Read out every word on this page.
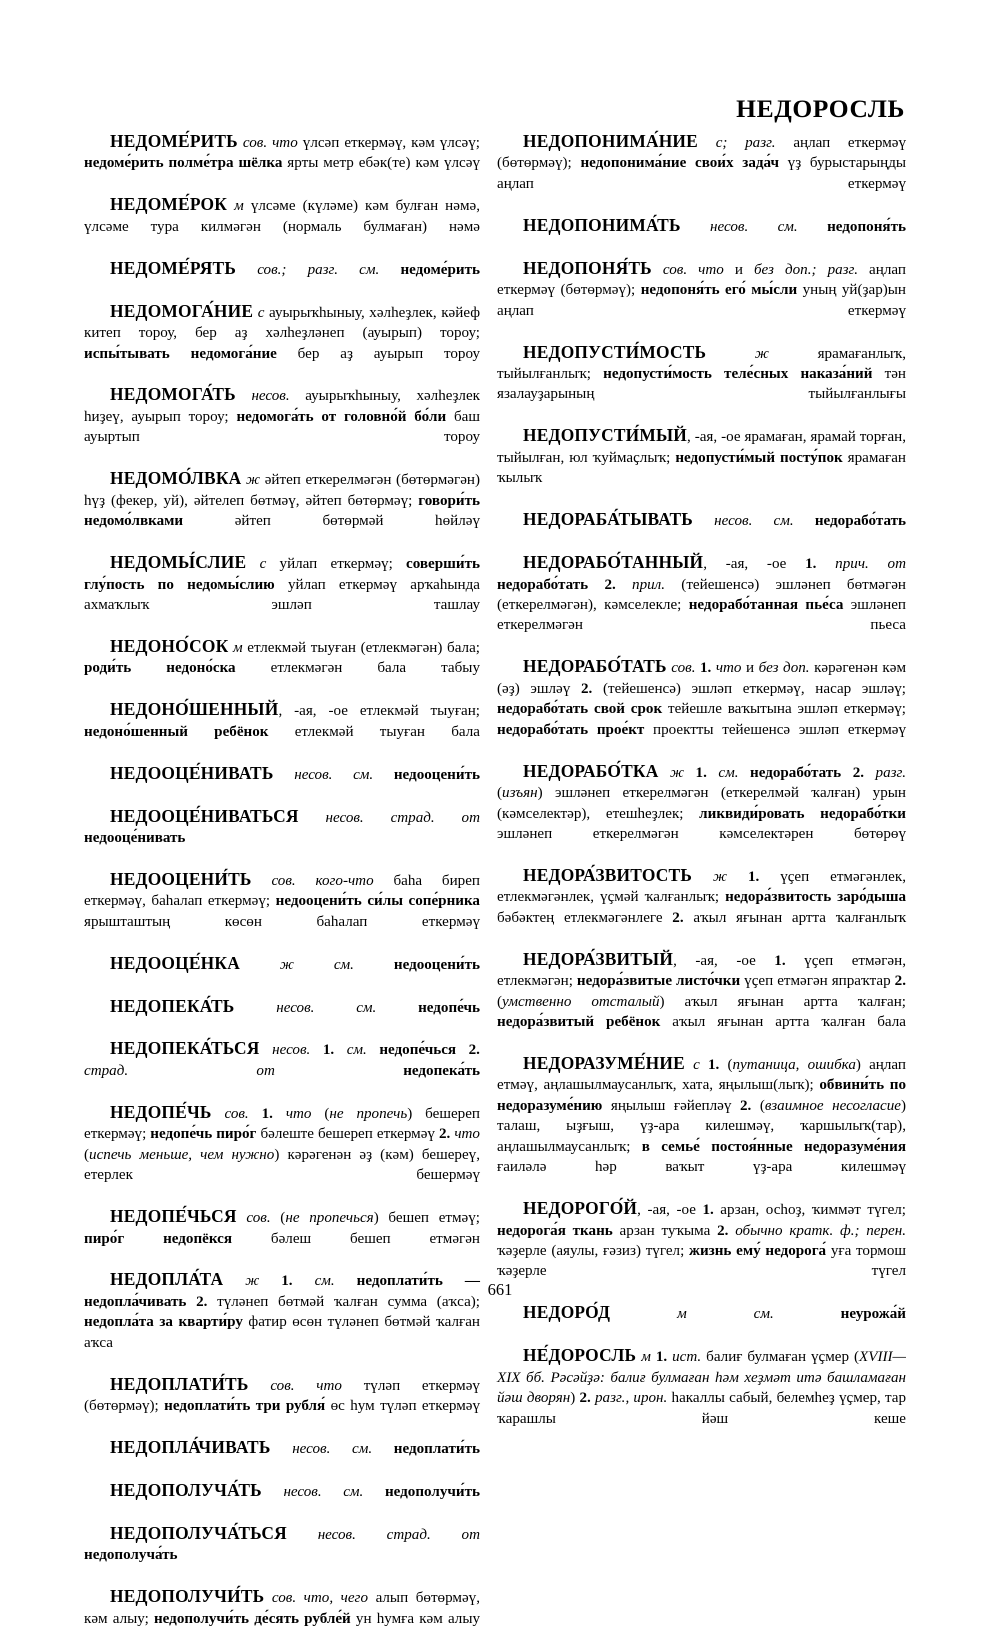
НЕДОРОСЛЬ

НЕДОМЕ́РИТЬ сов. что үлсәп еткермәү, кәм үлсәү; недоме́рить полме́тра шёлка ярты метр ебәк(те) кәм үлсәү

НЕДОМЕ́РОК м үлсәме (күләме) кәм булған нәмә, үлсәме тура килмәгән (нормаль булмаған) нәмә

НЕДОМЕ́РЯТЬ сов.; разг. см. недоме́рить

НЕДОМОГА́НИЕ с ауырыҡһыныу, хәлһеҙлек, кәйеф китеп тороу, бер аҙ хәлһеҙләнеп (ауырып) тороу; испы́тывать недомога́ние бер аҙ ауырып тороу

НЕДОМОГА́ТЬ несов. ауырыҡһыныу, хәлһеҙлек һиҙеү, ауырып тороу; недомога́ть от головно́й бо́ли баш ауыртып тороу

НЕДОМО́ЛВКА ж әйтеп еткерелмәгән (бөтөрмәгән) һүҙ (фекер, уй), әйтелеп бөтмәү, әйтеп бөтөрмәү; говори́ть недомо́лвками әйтеп бөтөрмәй һөйләү

НЕДОМЫ́СЛИЕ с уйлап еткермәү; соверши́ть глу́пость по недомы́слию уйлап еткермәү арҡаһында ахмаҡлыҡ эшләп ташлау

НЕДОНО́СОК м етлекмәй тыуған (етлекмәгән) бала; роди́ть недоно́ска етлекмәгән бала табыу

НЕДОНО́ШЕННЫЙ, -ая, -ое етлекмәй тыуған; недоно́шенный ребёнок етлекмәй тыуған бала

НЕДООЦЕ́НИВАТЬ несов. см. недооцени́ть

НЕДООЦЕ́НИВАТЬСЯ несов. страд. от недооце́нивать

НЕДООЦЕНИ́ТЬ сов. кого-что баһа биреп еткермәү, баһалап еткермәү; недооцени́ть си́лы сопе́рника ярышташтың көсөн баһалап еткермәү

НЕДООЦЕ́НКА	ж см.	недооцени́ть

НЕДОПЕКА́ТЬ	несов. см.	недопе́чь

НЕДОПЕКА́ТЬСЯ несов. 1. см. недопе́чься 2. страд. от	недопека́ть

НЕДОПЕ́ЧЬ сов. 1. что (не пропечь) бешереп еткермәү; недопе́чь пиро́г бәлеште бешереп еткермәү 2. что (испечь меньше, чем нужно) кәрәгенән әҙ (кәм) бешереү, етерлек бешермәү

НЕДОПЕ́ЧЬСЯ сов. (не пропечься) бешеп етмәү; пиро́г недопёкся бәлеш бешеп етмәгән

НЕДОПЛА́ТА ж 1. см. недоплати́ть — недопла́чивать 2. түләнеп бөтмәй ҡалған сумма (аҡса); недопла́та за кварти́ру фатир өсөн түләнеп бөтмәй ҡалған аҡса

НЕДОПЛАТИ́ТЬ сов. что түләп еткермәү (бөтөрмәү); недоплати́ть три рубля́ өс һум түләп еткермәү

НЕДОПЛА́ЧИВАТЬ несов. см. недоплати́ть

НЕДОПОЛУЧА́ТЬ несов. см. недополучи́ть

НЕДОПОЛУЧА́ТЬСЯ несов. страд. от недополуча́ть

НЕДОПОЛУЧИ́ТЬ сов. что, чего алып бөтөрмәү, кәм алыу; недополучи́ть де́сять рубле́й ун һумға кәм алыу

НЕДОПОНИМА́НИЕ с; разг. аңлап еткермәү (бөтөрмәү); недопонима́ние свои́х зада́ч үҙ бурыстарыңды аңлап еткермәү

НЕДОПОНИМА́ТЬ несов. см. недопоня́ть

НЕДОПОНЯ́ТЬ сов. что и без доп.; разг. аңлап еткермәү (бөтөрмәү); недопоня́ть его́ мы́сли уның уй(ҙар)ын аңлап еткермәү

НЕДОПУСТИ́МОСТЬ	ж ярамағанлыҡ, тыйылғанлыҡ; недопусти́мость теле́сных наказа́ний тән язалауҙарының тыйылғанлығы

НЕДОПУСТИ́МЫЙ, -ая, -ое ярамаған, ярамай торған, тыйылған, юл ҡуймаҫлыҡ; недопусти́мый посту́пок ярамаған ҡылыҡ

НЕДОРАБА́ТЫВАТЬ несов. см. недорабо́тать

НЕДОРАБО́ТАННЫЙ, -ая, -ое 1. прич. от недорабо́тать 2. прил. (тейешенсә) эшләнеп бөтмәгән (еткерелмәгән), кәмселекле; недорабо́танная пье́са эшләнеп еткерелмәгән пьеса

НЕДОРАБО́ТАТЬ сов. 1. что и без доп. кәрәгенән кәм (әҙ) эшләү 2. (тейешенсә) эшләп еткермәү, насар эшләү; недорабо́тать свой срок тейешле ваҡытына эшләп еткермәү; недорабо́тать прое́кт проектты тейешенсә эшләп еткермәү

НЕДОРАБО́ТКА ж 1. см. недорабо́тать 2. разг. (изъян) эшләнеп еткерелмәгән (еткерелмәй ҡалған) урын (кәмселектәр), етешһеҙлек; ликвиди́ровать недорабо́тки эшләнеп еткерелмәгән кәмселектәрен бөтөрөү

НЕДОРА́ЗВИТОСТЬ ж 1. үҫеп етмәгәнлек, етлекмәгәнлек, үҫмәй ҡалғанлыҡ; недора́звитость заро́дыша бәбәктең етлекмәгәнлеге 2. аҡыл яғынан артта ҡалғанлыҡ

НЕДОРА́ЗВИТЫЙ, -ая, -ое 1. үҫеп етмәгән, етлекмәгән; недора́звитые листо́чки үҫеп етмәгән япраҡтар 2. (умственно отсталый) аҡыл яғынан артта ҡалған; недора́звитый ребёнок аҡыл яғынан артта ҡалған бала

НЕДОРАЗУМЕ́НИЕ с 1. (путаница, ошибка) аңлап етмәү, аңлашылмаусанлыҡ, хата, яңылыш(лыҡ); обвини́ть по недоразуме́нию яңылыш ғәйепләү 2. (взаимное несогласие) талаш, ыҙғыш, үҙ-ара килешмәү, ҡаршылыҡ(тар), аңлашылмаусанлыҡ; в семье́ постоя́нные недоразуме́ния ғаиләлә һәр ваҡыт үҙ-ара килешмәү

НЕДОРОГО́Й, -ая, -ое 1. арзан, осһоҙ, ҡиммәт түгел; недорога́я ткань арзан туҡыма 2. обычно кратк. ф.; перен. ҡәҙерле (аяулы, ғәзиз) түгел; жизнь ему́ недорога́ уға тормош ҡәҙерле түгел

НЕДОРО́Д	м см.	неурожа́й

НЕ́ДОРОСЛЬ м 1. ист. балиғ булмаған үҫмер (XVIII—XIX бб. Рәсәйҙә: балиғ булмаған һәм хеҙмәт итә башламаған йәш дворян) 2. разг., ирон. һакаллы сабый, белемһеҙ үҫмер, тар ҡарашлы йәш кеше

661
